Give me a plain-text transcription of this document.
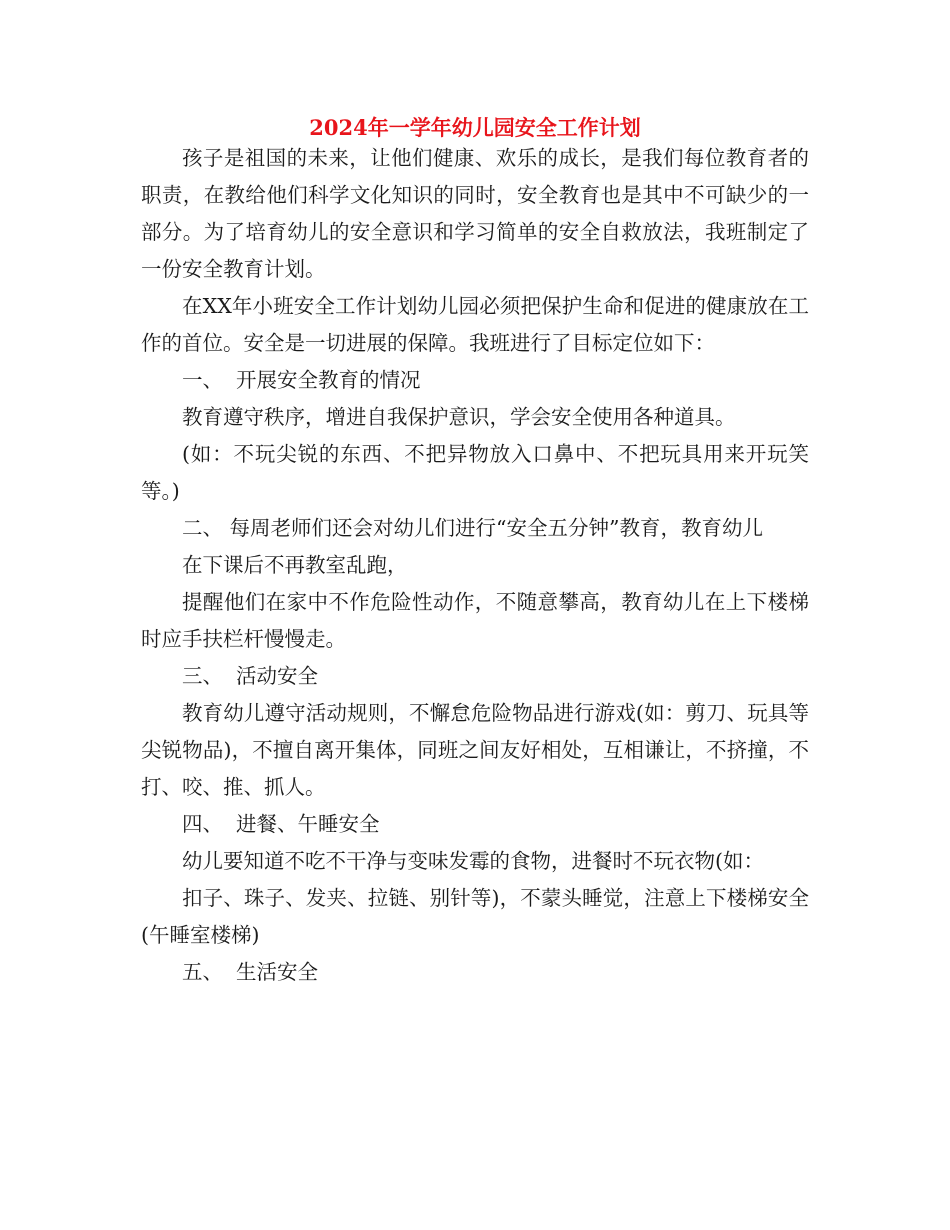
2024年一学年幼儿园安全工作计划

孩子是祖国的未来，让他们健康、欢乐的成长，是我们每位教育者的职责，在教给他们科学文化知识的同时，安全教育也是其中不可缺少的一部分。为了培育幼儿的安全意识和学习简单的安全自救放法，我班制定了一份安全教育计划。

在XX年小班安全工作计划幼儿园必须把保护生命和促进的健康放在工作的首位。安全是一切进展的保障。我班进行了目标定位如下：

一、  开展安全教育的情况

教育遵守秩序，增进自我保护意识，学会安全使用各种道具。

(如：不玩尖锐的东西、不把异物放入口鼻中、不把玩具用来开玩笑等。)

二、 每周老师们还会对幼儿们进行“安全五分钟”教育，教育幼儿

在下课后不再教室乱跑，

提醒他们在家中不作危险性动作，不随意攀高，教育幼儿在上下楼梯时应手扶栏杆慢慢走。

三、  活动安全

教育幼儿遵守活动规则，不懈怠危险物品进行游戏(如：剪刀、玩具等尖锐物品)，不擅自离开集体，同班之间友好相处，互相谦让，不挤撞，不打、咬、推、抓人。

四、  进餐、午睡安全

幼儿要知道不吃不干净与变味发霉的食物，进餐时不玩衣物(如：

扣子、珠子、发夹、拉链、别针等)，不蒙头睡觉，注意上下楼梯安全(午睡室楼梯)

五、  生活安全
